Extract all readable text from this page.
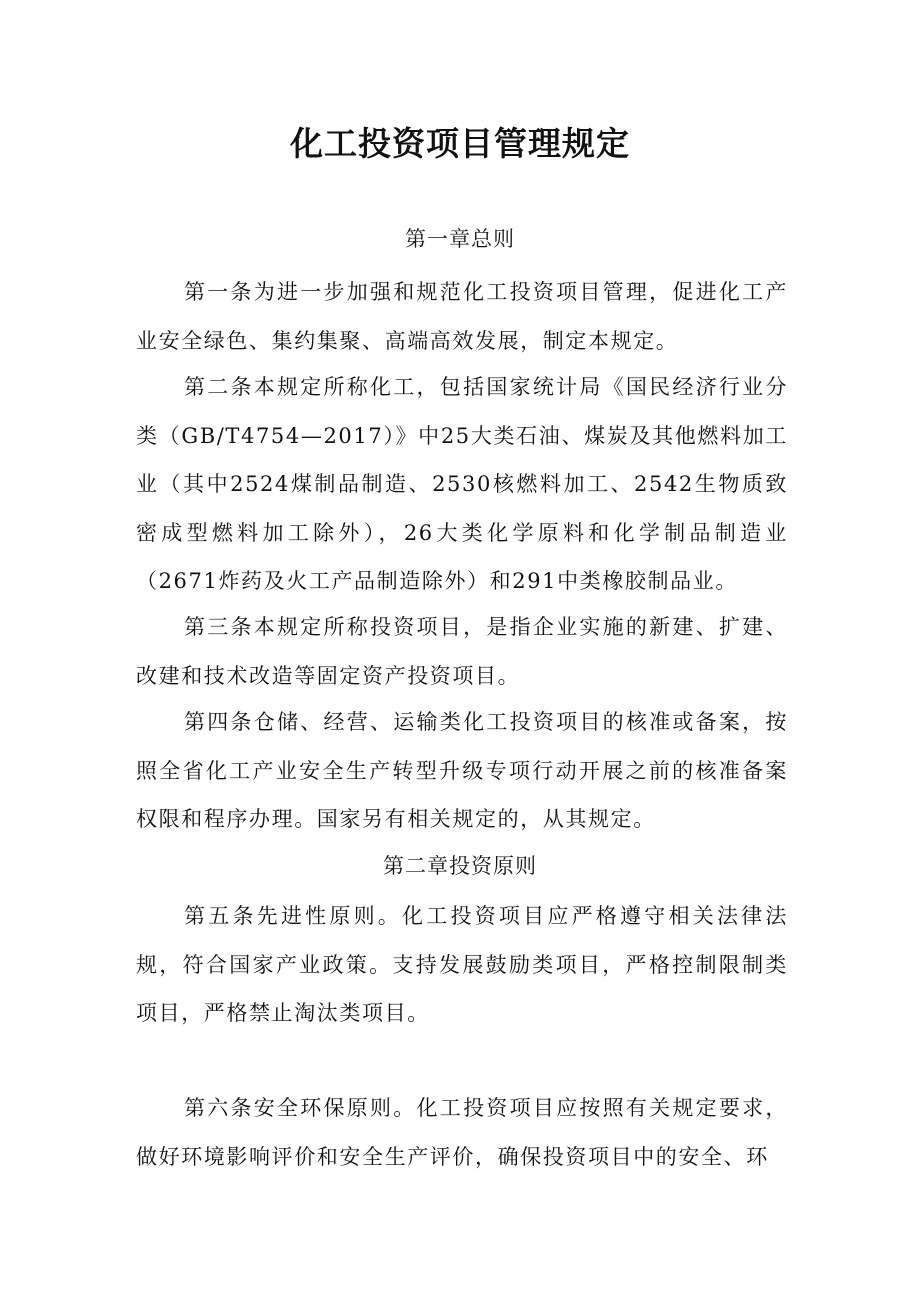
化工投资项目管理规定
第一章总则

第一条为进一步加强和规范化工投资项目管理，促进化工产业安全绿色、集约集聚、高端高效发展，制定本规定。

第二条本规定所称化工，包括国家统计局《国民经济行业分类（GB/T4754—2017）》中25大类石油、煤炭及其他燃料加工业（其中2524煤制品制造、2530核燃料加工、2542生物质致密成型燃料加工除外），26大类化学原料和化学制品制造业（2671炸药及火工产品制造除外）和291中类橡胶制品业。

第三条本规定所称投资项目，是指企业实施的新建、扩建、改建和技术改造等固定资产投资项目。

第四条仓储、经营、运输类化工投资项目的核准或备案，按照全省化工产业安全生产转型升级专项行动开展之前的核准备案权限和程序办理。国家另有相关规定的，从其规定。

第二章投资原则

第五条先进性原则。化工投资项目应严格遵守相关法律法规，符合国家产业政策。支持发展鼓励类项目，严格控制限制类项目，严格禁止淘汰类项目。

第六条安全环保原则。化工投资项目应按照有关规定要求，做好环境影响评价和安全生产评价，确保投资项目中的安全、环
